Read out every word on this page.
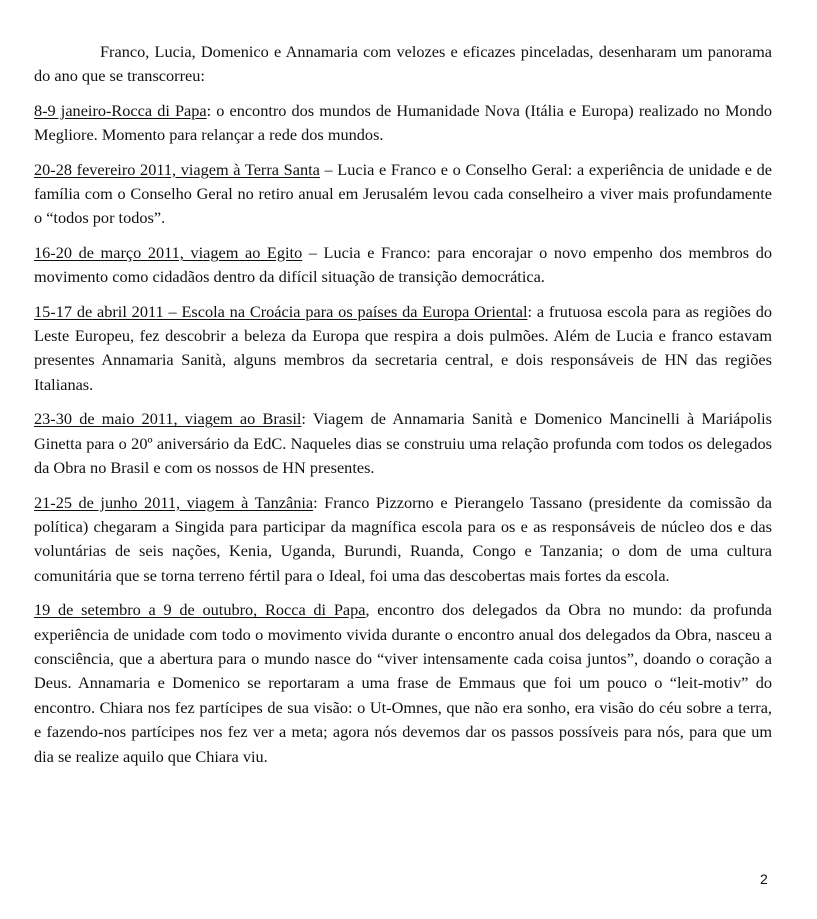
Franco, Lucia, Domenico e Annamaria com velozes e eficazes pinceladas, desenharam um panorama do ano que se transcorreu:

8-9 janeiro-Rocca di Papa: o encontro dos mundos de Humanidade Nova (Itália e Europa) realizado no Mondo Megliore. Momento para relançar a rede dos mundos.

20-28 fevereiro 2011, viagem à Terra Santa – Lucia e Franco e o Conselho Geral: a experiência de unidade e de família com o Conselho Geral no retiro anual em Jerusalém levou cada conselheiro a viver mais profundamente o “todos por todos”.

16-20 de março 2011, viagem ao Egito – Lucia e Franco: para encorajar o novo empenho dos membros do movimento como cidadãos dentro da difícil situação de transição democrática.

15-17 de abril 2011 – Escola na Croácia para os países da Europa Oriental: a frutuosa escola para as regiões do Leste Europeu, fez descobrir a beleza da Europa que respira a dois pulmões. Além de Lucia e franco estavam presentes Annamaria Sanità, alguns membros da secretaria central, e dois responsáveis de HN das regiões Italianas.

23-30 de maio 2011, viagem ao Brasil: Viagem de Annamaria Sanità e Domenico Mancinelli à Mariápolis Ginetta para o 20º aniversário da EdC. Naqueles dias se construiu uma relação profunda com todos os delegados da Obra no Brasil e com os nossos de HN presentes.

21-25 de junho 2011, viagem à Tanzânia: Franco Pizzorno e Pierangelo Tassano (presidente da comissão da política) chegaram a Singida para participar da magnífica escola para os e as responsáveis de núcleo dos e das voluntárias de seis nações, Kenia, Uganda, Burundi, Ruanda, Congo e Tanzania; o dom de uma cultura comunitária que se torna terreno fértil para o Ideal, foi uma das descobertas mais fortes da escola.

19 de setembro a 9 de outubro, Rocca di Papa, encontro dos delegados da Obra no mundo: da profunda experiência de unidade com todo o movimento vivida durante o encontro anual dos delegados da Obra, nasceu a consciência, que a abertura para o mundo nasce do “viver intensamente cada coisa juntos”, doando o coração a Deus. Annamaria e Domenico se reportaram a uma frase de Emmaus que foi um pouco o “leit-motiv” do encontro. Chiara nos fez partícipes de sua visão: o Ut-Omnes, que não era sonho, era visão do céu sobre a terra, e fazendo-nos partícipes nos fez ver a meta; agora nós devemos dar os passos possíveis para nós, para que um dia se realize aquilo que Chiara viu.

2
